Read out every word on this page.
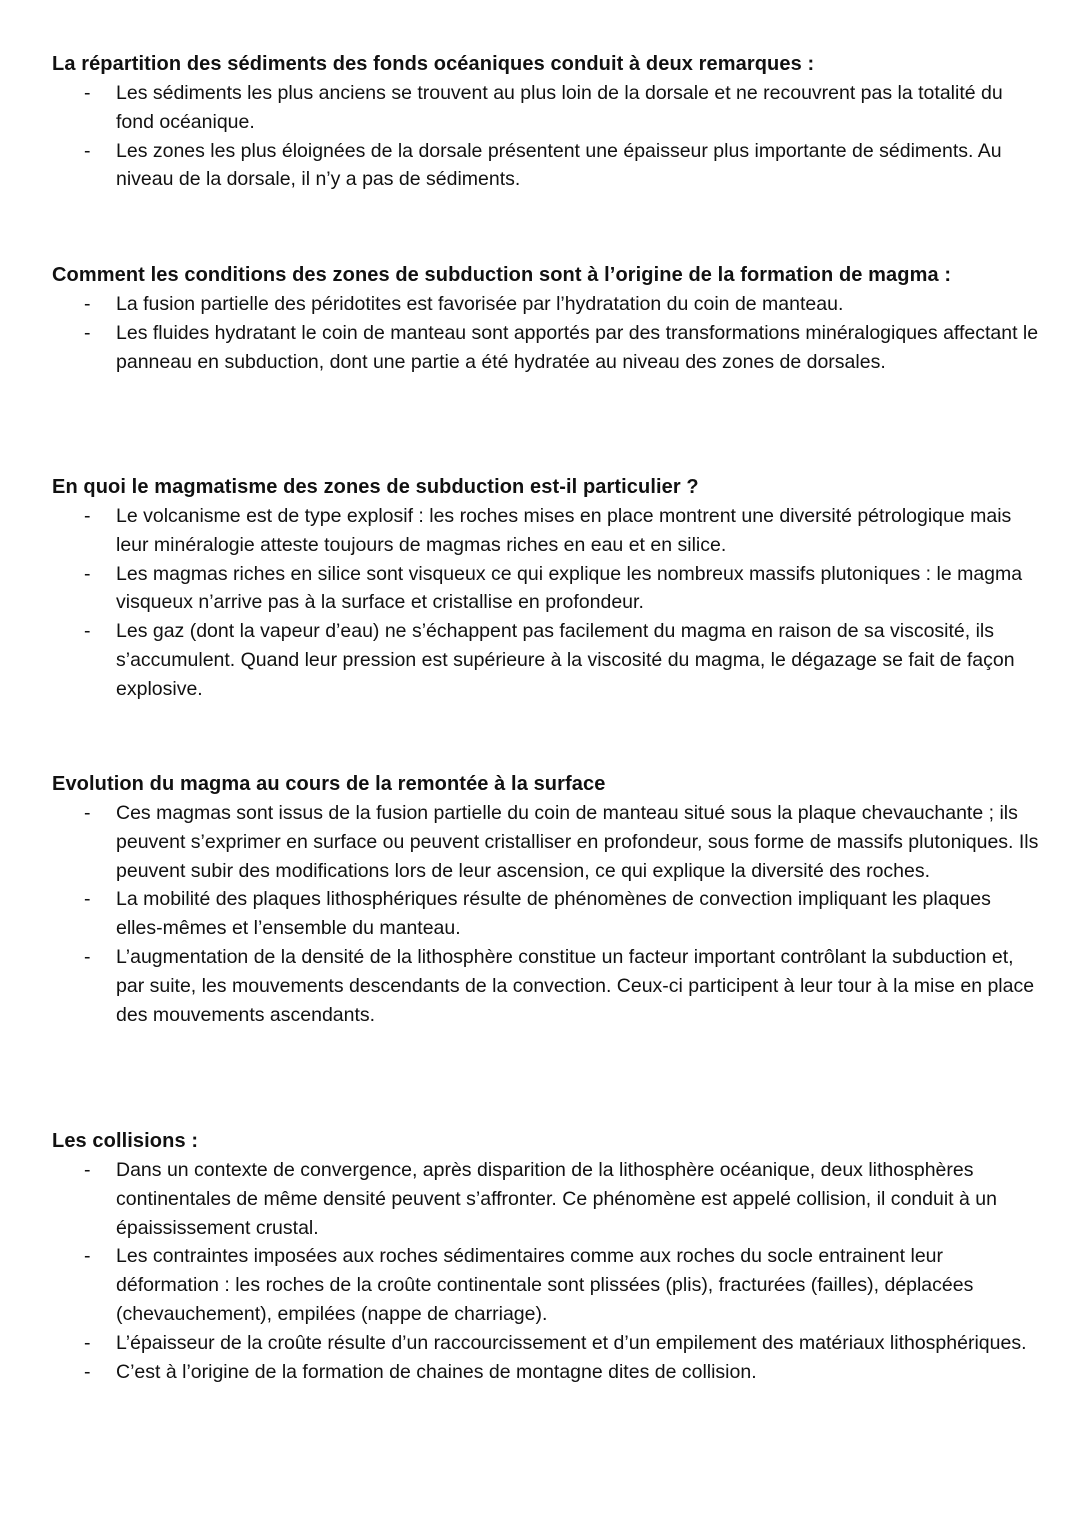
La répartition des sédiments des fonds océaniques conduit à deux remarques :
- Les sédiments les plus anciens se trouvent au plus loin de la dorsale et ne recouvrent pas la totalité du fond océanique.
- Les zones les plus éloignées de la dorsale présentent une épaisseur plus importante de sédiments. Au niveau de la dorsale, il n’y a pas de sédiments.
Comment les conditions des zones de subduction sont à l’origine de la formation de magma :
- La fusion partielle des péridotites est favorisée par l’hydratation du coin de manteau.
- Les fluides hydratant le coin de manteau sont apportés par des transformations minéralogiques affectant le panneau en subduction, dont une partie a été hydratée au niveau des zones de dorsales.
En quoi le magmatisme des zones de subduction est-il particulier ?
- Le volcanisme est de type explosif : les roches mises en place montrent une diversité pétrologique mais leur minéralogie atteste toujours de magmas riches en eau et en silice.
- Les magmas riches en silice sont visqueux ce qui explique les nombreux massifs plutoniques : le magma visqueux n’arrive pas à la surface et cristallise en profondeur.
- Les gaz (dont la vapeur d’eau) ne s’échappent pas facilement du magma en raison de sa viscosité, ils s’accumulent. Quand leur pression est supérieure à la viscosité du magma, le dégazage se fait de façon explosive.
Evolution du magma au cours de la remontée à la surface
- Ces magmas sont issus de la fusion partielle du coin de manteau situé sous la plaque chevauchante ; ils peuvent s’exprimer en surface ou peuvent cristalliser en profondeur, sous forme de massifs plutoniques. Ils peuvent subir des modifications lors de leur ascension, ce qui explique la diversité des roches.
- La mobilité des plaques lithosphériques résulte de phénomènes de convection impliquant les plaques elles-mêmes et l’ensemble du manteau.
- L’augmentation de la densité de la lithosphère constitue un facteur important contrôlant la subduction et, par suite, les mouvements descendants de la convection. Ceux-ci participent à leur tour à la mise en place des mouvements ascendants.
Les collisions :
- Dans un contexte de convergence, après disparition de la lithosphère océanique, deux lithosphères continentales de même densité peuvent s’affronter. Ce phénomène est appelé collision, il conduit à un épaississement crustal.
- Les contraintes imposées aux roches sédimentaires comme aux roches du socle entrainent leur déformation : les roches de la croûte continentale sont plissées (plis), fracturées (failles), déplacées (chevauchement), empilées (nappe de charriage).
- L’épaisseur de la croûte résulte d’un raccourcissement et d’un empilement des matériaux lithosphériques.
- C’est à l’origine de la formation de chaines de montagne dites de collision.
